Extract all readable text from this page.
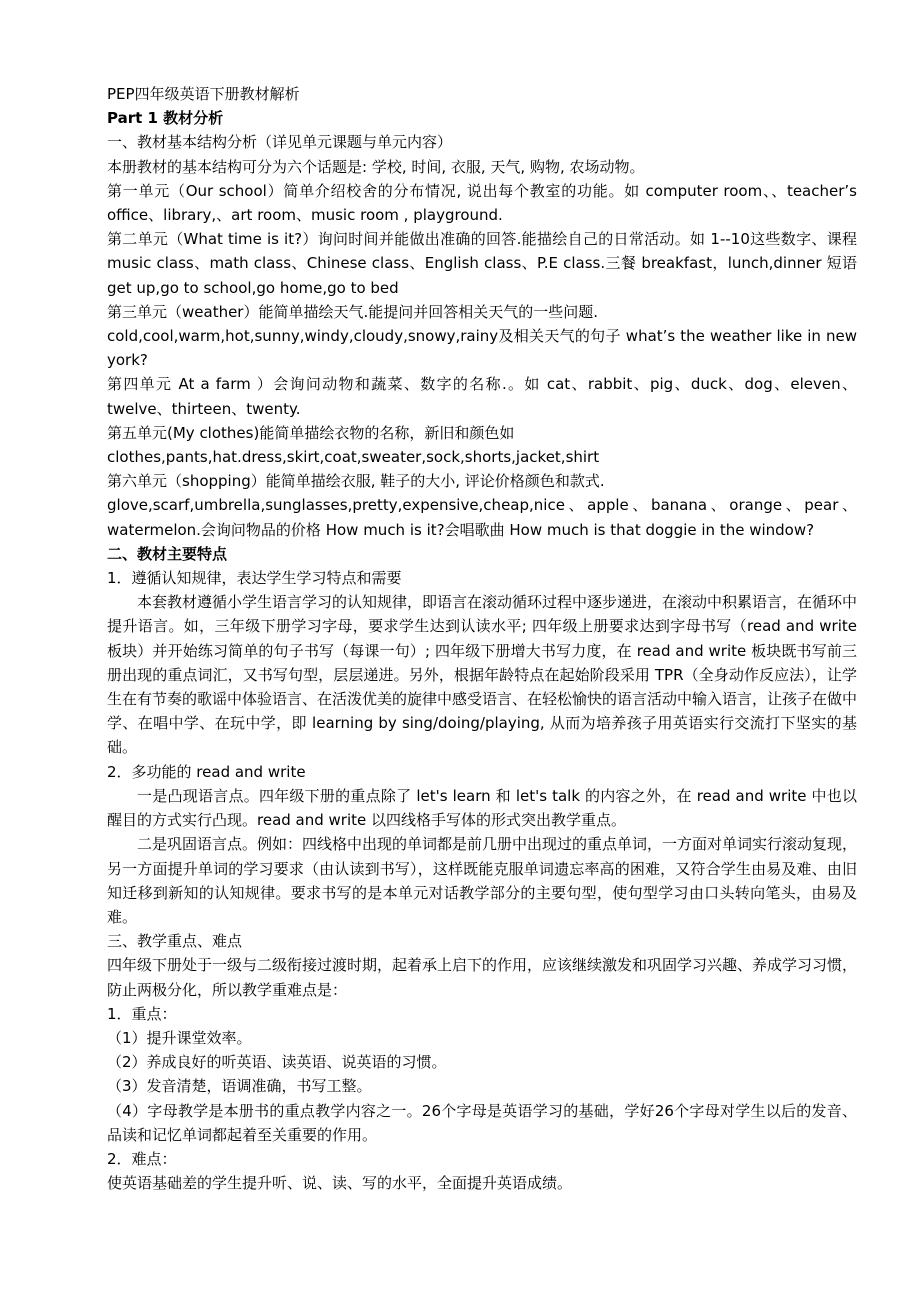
PEP四年级英语下册教材解析

Part 1 教材分析

一、教材基本结构分析（详见单元课题与单元内容）

本册教材的基本结构可分为六个话题是: 学校, 时间, 衣服, 天气, 购物, 农场动物。

第一单元（Our school）简单介绍校舍的分布情况, 说出每个教室的功能。如 computer room、、teacher’s office、library,、art room、music room , playground.

第二单元（What time is it?）询问时间并能做出准确的回答.能描绘自己的日常活动。如 1--10这些数字、课程 music class、math class、Chinese class、English class、P.E class.三餐 breakfast，lunch,dinner 短语 get up,go to school,go home,go to bed

第三单元（weather）能简单描绘天气.能提问并回答相关天气的一些问题.

cold,cool,warm,hot,sunny,windy,cloudy,snowy,rainy及相关天气的句子 what’s the weather like in new york?

第四单元 At a farm ）会询问动物和蔬菜、数字的名称.。如 cat、rabbit、pig、duck、dog、eleven、twelve、thirteen、twenty.

第五单元(My clothes)能简单描绘衣物的名称，新旧和颜色如

clothes,pants,hat.dress,skirt,coat,sweater,sock,shorts,jacket,shirt

第六单元（shopping）能简单描绘衣服, 鞋子的大小, 评论价格颜色和款式.

glove,scarf,umbrella,sunglasses,pretty,expensive,cheap,nice、apple、banana、orange、pear、watermelon.会询问物品的价格 How much is it?会唱歌曲 How much is that doggie in the window?

二、教材主要特点

1．遵循认知规律，表达学生学习特点和需要

本套教材遵循小学生语言学习的认知规律，即语言在滚动循环过程中逐步递进，在滚动中积累语言，在循环中提升语言。如，三年级下册学习字母，要求学生达到认读水平; 四年级上册要求达到字母书写（read and write 板块）并开始练习简单的句子书写（每课一句）; 四年级下册增大书写力度，在 read and write 板块既书写前三册出现的重点词汇，又书写句型，层层递进。另外，根据年龄特点在起始阶段采用 TPR（全身动作反应法），让学生在有节奏的歌谣中体验语言、在活泼优美的旋律中感受语言、在轻松愉快的语言活动中输入语言，让孩子在做中学、在唱中学、在玩中学，即 learning by sing/doing/playing, 从而为培养孩子用英语实行交流打下坚实的基础。

2．多功能的 read and write

一是凸现语言点。四年级下册的重点除了 let's learn 和 let's talk 的内容之外，在 read and write 中也以醒目的方式实行凸现。read and write 以四线格手写体的形式突出教学重点。

二是巩固语言点。例如：四线格中出现的单词都是前几册中出现过的重点单词，一方面对单词实行滚动复现，另一方面提升单词的学习要求（由认读到书写），这样既能克服单词遗忘率高的困难，又符合学生由易及难、由旧知迁移到新知的认知规律。要求书写的是本单元对话教学部分的主要句型，使句型学习由口头转向笔头，由易及难。

三、教学重点、难点

四年级下册处于一级与二级衔接过渡时期，起着承上启下的作用，应该继续激发和巩固学习兴趣、养成学习习惯，防止两极分化，所以教学重难点是：

1．重点：

（1）提升课堂效率。

（2）养成良好的听英语、读英语、说英语的习惯。

（3）发音清楚，语调准确，书写工整。

（4）字母教学是本册书的重点教学内容之一。26个字母是英语学习的基础，学好26个字母对学生以后的发音、品读和记忆单词都起着至关重要的作用。

2．难点：

使英语基础差的学生提升听、说、读、写的水平，全面提升英语成绩。
